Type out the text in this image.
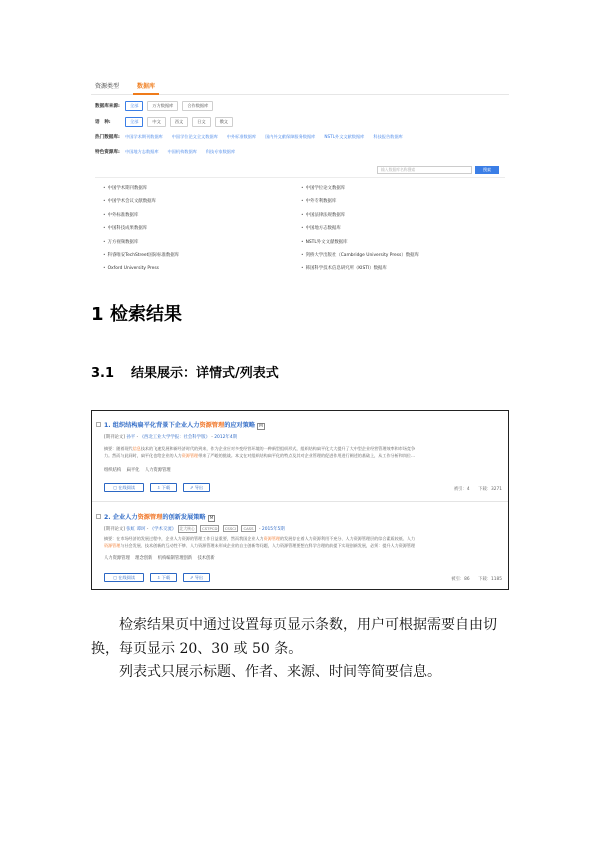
资源类型	数据库
数据库来源:	全部	万方数据库	合作数据库
语　种:	全部	中文	西文	日文	俄文
热门数据库:	中国学术期刊数据库 中国学位论文全文数据库 中外标准数据库 国内外文献保障服务数据库 NSTL外文文献数据库 科技报告数据库
特色资源库:	中国地方志数据库 中国机构数据库 科技专家数据库
输入数据库名称搜索	搜索
• 中国学术期刊数据库
• 中国学术会议文献数据库
• 中外标准数据库
• 中国科技成果数据库
• 万方视频数据库
• 科睿唯安TechStreet国际标准数据库
• Oxford University Press
• 中国学位论文数据库
• 中外专利数据库
• 中国法律法规数据库
• 中国地方志数据库
• NSTL外文文献数据库
• 剑桥大学出版社（Cambridge University Press）数据库
• 韩国科学技术信息研究所（KISTI）数据库
1 检索结果
3.1 结果展示：详情式/列表式
1. 组织结构扁平化背景下企业人力资源管理的应对策略 M
[期刊论文] 孙平 - 《西北工业大学学报：社会科学版》 - 2012年4期
摘要：随着现代信息技术的飞速发展和新经济时代的到来，作为企业应对多变经营环境的一种新型组织形式，组织结构扁平化大大提升了大中型企业经营管理效率和市场竞争
力。然而与此同时，扁平化也给企业的人力资源管理带来了严峻的挑战。本文在对组织结构扁平化的特点及其对企业管理的促进作用进行阐述的基础上，从工作分析和岗位...
组织结构 扁平化 人力资源管理
▢ 在线阅读	⇩ 下载	⇗ 导出	被引：4　　下载：3271
2. 企业人力资源管理的创新发展策略 M
[期刊论文] 张虹 谭珂 - 《学术交流》 北大核心 CSTPCD CSSCI CASS - 2015年5期
摘要：在市场经济的发展过程中，企业人力资源的管理工作日益重要，然而我国企业人力资源管理的发展存在着人力资源利用不充分、人力资源管理层的综合素质较低、人力
资源管理与社会发展、技术创新的互动性不够、人力资源管理未形成企业的自主创新等问题，人力资源管理要想在科学合理的前提下实现创新发展，必须：提升人力资源管理
人力资源管理 理念创新 机构编制管理创新 技术创新
▢ 在线阅读	⇩ 下载	⇗ 导出	被引：86　　下载：1185
　　检索结果页中通过设置每页显示条数，用户可根据需要自由切
换，每页显示 20、30 或 50 条。
　　列表式只展示标题、作者、来源、时间等简要信息。
